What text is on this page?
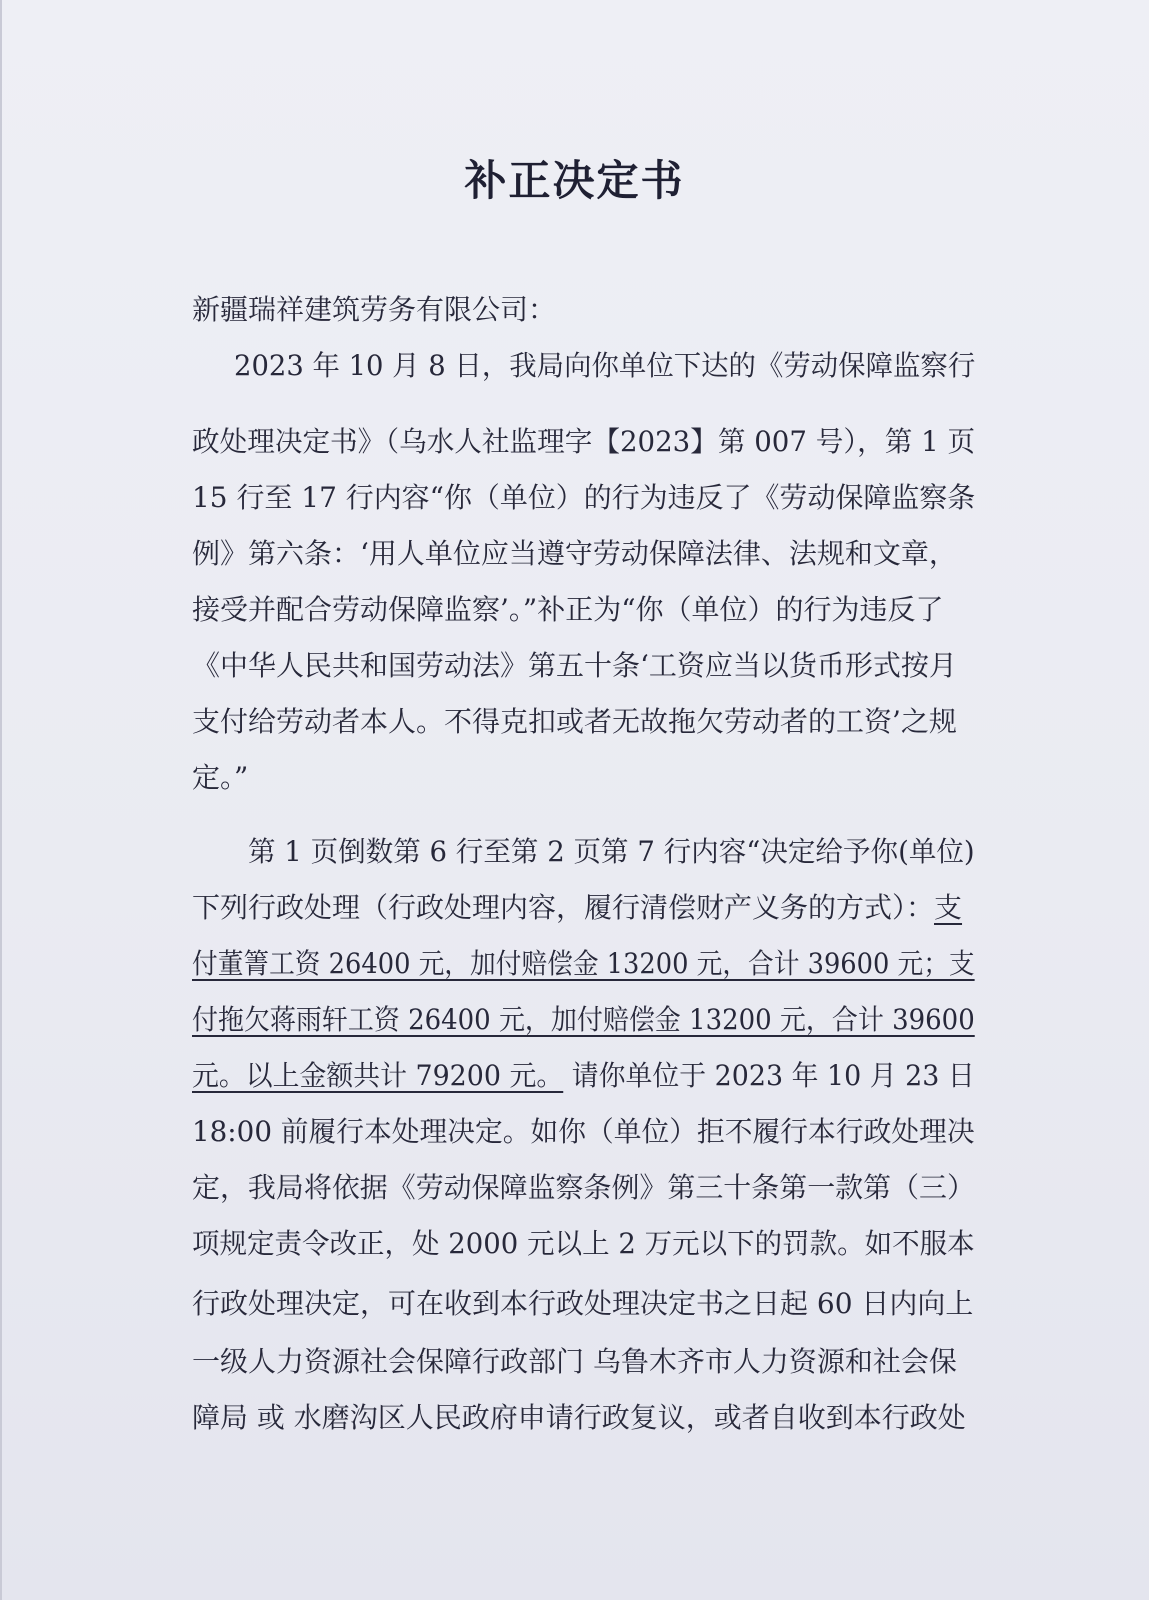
补正决定书

新疆瑞祥建筑劳务有限公司：

2023 年 10 月 8 日，我局向你单位下达的《劳动保障监察行

政处理决定书》（乌水人社监理字【2023】第 007 号），第 1 页

15 行至 17 行内容“你（单位）的行为违反了《劳动保障监察条

例》第六条：‘用人单位应当遵守劳动保障法律、法规和文章，

接受并配合劳动保障监察’。”补正为“你（单位）的行为违反了

《中华人民共和国劳动法》第五十条‘工资应当以货币形式按月

支付给劳动者本人。不得克扣或者无故拖欠劳动者的工资’之规

定。”

第 1 页倒数第 6 行至第 2 页第 7 行内容“决定给予你(单位)

下列行政处理（行政处理内容，履行清偿财产义务的方式）：支

付董箐工资 26400 元，加付赔偿金 13200 元，合计 39600 元；支

付拖欠蒋雨轩工资 26400 元，加付赔偿金 13200 元，合计 39600

元。以上金额共计 79200 元。 请你单位于 2023 年 10 月 23 日

18:00 前履行本处理决定。如你（单位）拒不履行本行政处理决

定，我局将依据《劳动保障监察条例》第三十条第一款第（三）

项规定责令改正，处 2000 元以上 2 万元以下的罚款。如不服本

行政处理决定，可在收到本行政处理决定书之日起 60 日内向上

一级人力资源社会保障行政部门 乌鲁木齐市人力资源和社会保

障局 或 水磨沟区人民政府申请行政复议，或者自收到本行政处
